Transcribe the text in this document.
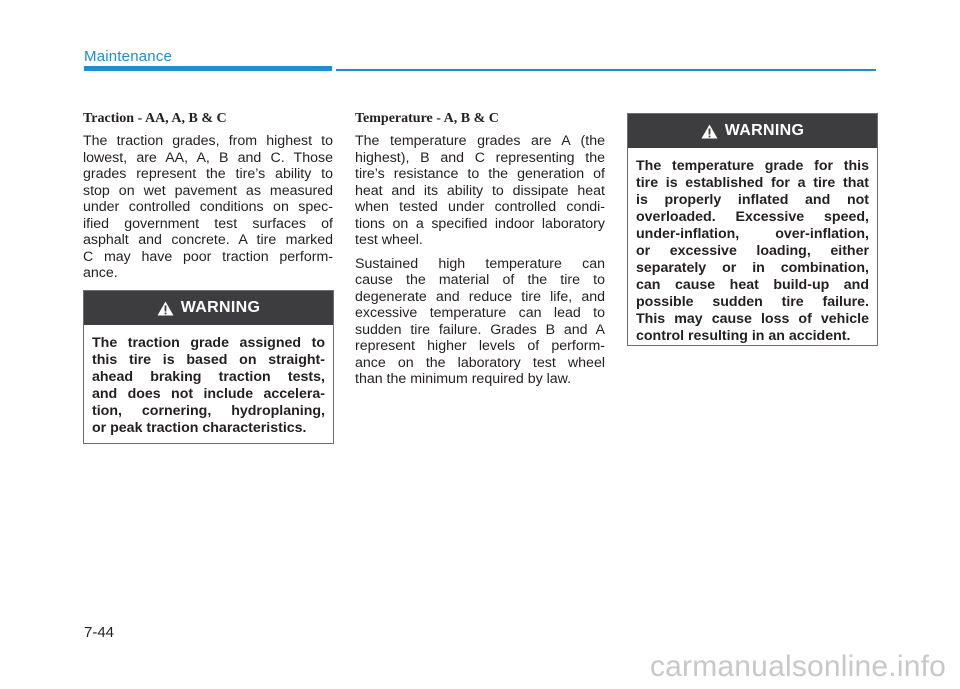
Maintenance
Traction - AA, A, B & C
The traction grades, from highest to
lowest, are AA, A, B and C. Those
grades represent the tire’s ability to
stop on wet pavement as measured
under controlled conditions on spec-
ified government test surfaces of
asphalt and concrete. A tire marked
C may have poor traction perform-
ance.
Temperature - A, B & C
The temperature grades are A (the
highest), B and C representing the
tire’s resistance to the generation of
heat and its ability to dissipate heat
when tested under controlled condi-
tions on a specified indoor laboratory
test wheel.
Sustained high temperature can
cause the material of the tire to
degenerate and reduce tire life, and
excessive temperature can lead to
sudden tire failure. Grades B and A
represent higher levels of perform-
ance on the laboratory test wheel
than the minimum required by law.
WARNING
The traction grade assigned to
this tire is based on straight-
ahead braking traction tests,
and does not include accelera-
tion, cornering, hydroplaning,
or peak traction characteristics.
WARNING
The temperature grade for this
tire is established for a tire that
is properly inflated and not
overloaded. Excessive speed,
under-inflation, over-inflation,
or excessive loading, either
separately or in combination,
can cause heat build-up and
possible sudden tire failure.
This may cause loss of vehicle
control resulting in an accident.
7-44
carmanualsonline.info
